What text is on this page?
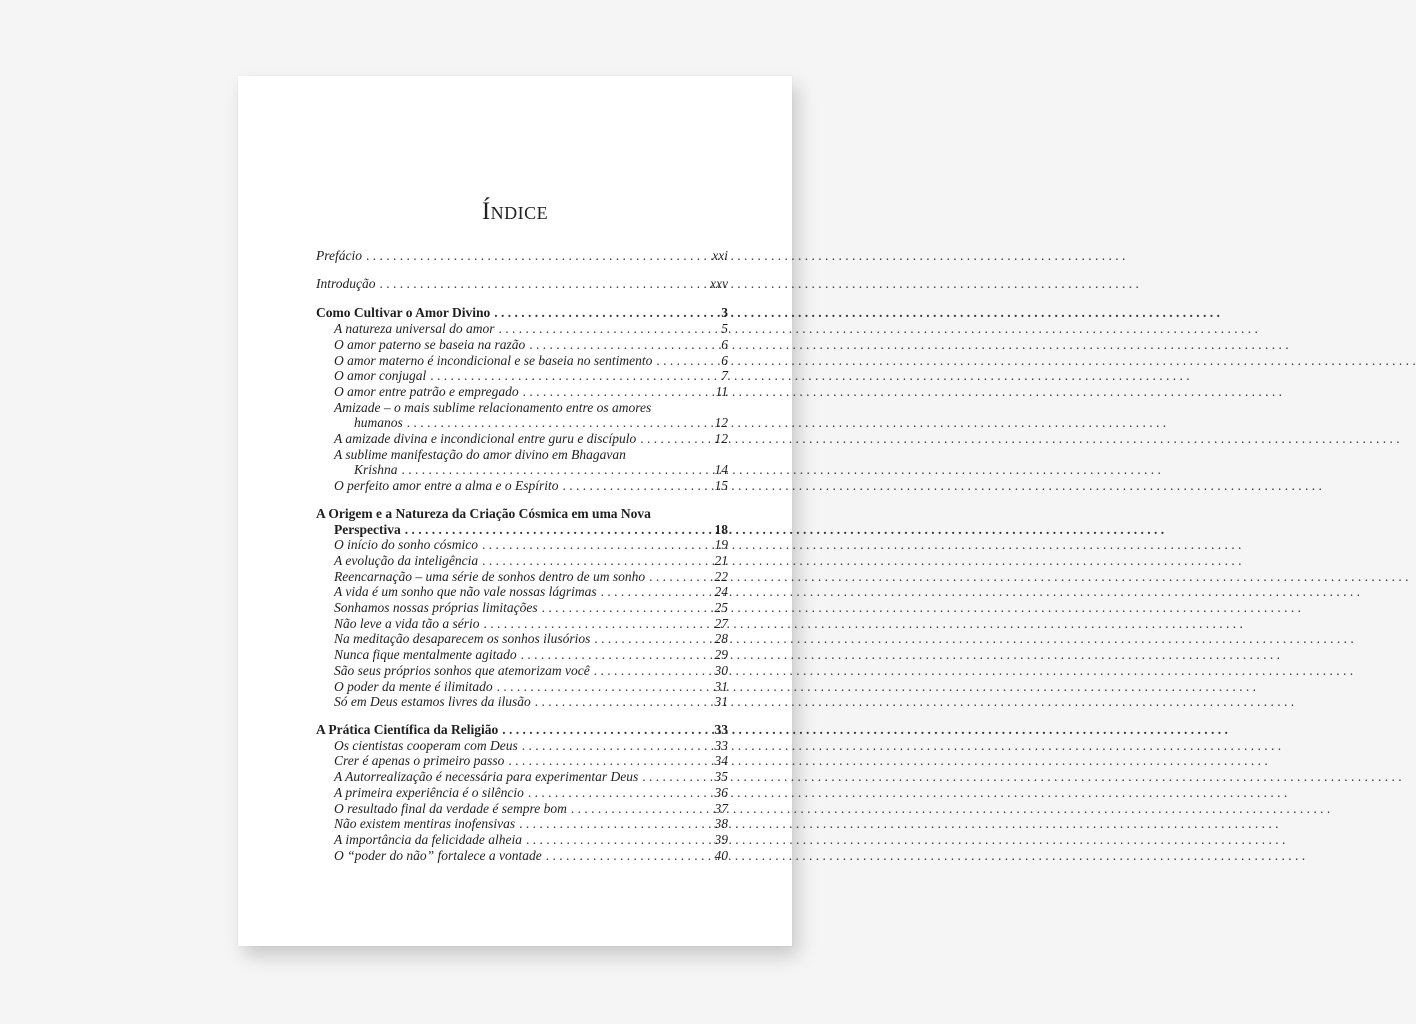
Índice
Prefácio . . .	xxi
Introdução . . .	xxv
Como Cultivar o Amor Divino . . .	3
A natureza universal do amor . . .	5
O amor paterno se baseia na razão . . .	6
O amor materno é incondicional e se baseia no sentimento . . .	6
O amor conjugal . . .	7
O amor entre patrão e empregado . . .	11
Amizade – o mais sublime relacionamento entre os amores
humanos . . .	12
A amizade divina e incondicional entre guru e discípulo . . .	12
A sublime manifestação do amor divino em Bhagavan
Krishna . . .	14
O perfeito amor entre a alma e o Espírito . . .	15
A Origem e a Natureza da Criação Cósmica em uma Nova
Perspectiva . . .	18
O início do sonho cósmico . . .	19
A evolução da inteligência . . .	21
Reencarnação – uma série de sonhos dentro de um sonho . . .	22
A vida é um sonho que não vale nossas lágrimas . . .	24
Sonhamos nossas próprias limitações . . .	25
Não leve a vida tão a sério . . .	27
Na meditação desaparecem os sonhos ilusórios . . .	28
Nunca fique mentalmente agitado . . .	29
São seus próprios sonhos que atemorizam você . . .	30
O poder da mente é ilimitado . . .	31
Só em Deus estamos livres da ilusão . . .	31
A Prática Científica da Religião . . .	33
Os cientistas cooperam com Deus . . .	33
Crer é apenas o primeiro passo . . .	34
A Autorrealização é necessária para experimentar Deus . . .	35
A primeira experiência é o silêncio . . .	36
O resultado final da verdade é sempre bom . . .	37
Não existem mentiras inofensivas . . .	38
A importância da felicidade alheia . . .	39
O “poder do não” fortalece a vontade . . .	40
